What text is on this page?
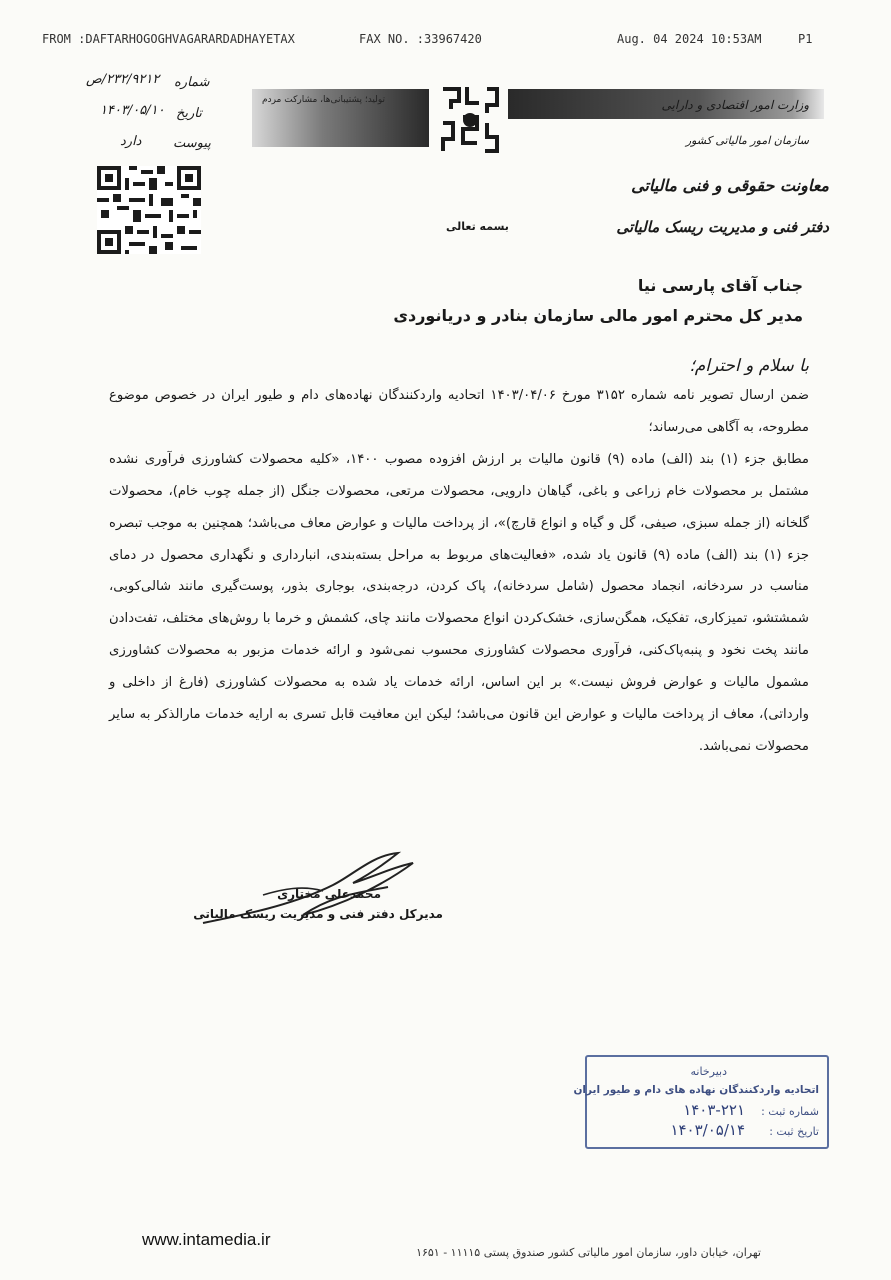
FROM :DAFTARHOGOGHVAGARARDADHAYETAX	FAX NO. :33967420	Aug. 04 2024 10:53AM	P1
تولید؛ پشتیبانی‌ها، مشارکت مردم	وزارت امور اقتصادی و دارایی
سازمان امور مالیاتی کشور
معاونت حقوقی و فنی مالیاتی
دفتر فنی و مدیریت ریسک مالیاتی
بسمه تعالی
شماره
۲۳۲/۹۲۱۲/ص
تاریخ
۱۴۰۳/۰۵/۱۰
پیوست
دارد
جناب آقای پارسی نیا
مدیر کل محترم امور مالی سازمان بنادر و دریانوردی
با سلام و احترام؛

ضمن ارسال تصویر نامه شماره ۳۱۵۲ مورخ ۱۴۰۳/۰۴/۰۶ اتحادیه واردکنندگان نهاده‌های دام و طیور ایران در خصوص موضوع مطروحه، به آگاهی می‌رساند؛

مطابق جزء (۱) بند (الف) ماده (۹) قانون مالیات بر ارزش افزوده مصوب ۱۴۰۰، «کلیه محصولات کشاورزی فرآوری نشده مشتمل بر محصولات خام زراعی و باغی، گیاهان دارویی، محصولات مرتعی، محصولات جنگل (از جمله چوب خام)، محصولات گلخانه (از جمله سبزی، صیفی، گل و گیاه و انواع قارچ)»، از پرداخت مالیات و عوارض معاف می‌باشد؛ همچنین به موجب تبصره جزء (۱) بند (الف) ماده (۹) قانون یاد شده، «فعالیت‌های مربوط به مراحل بسته‌بندی، انبارداری و نگهداری محصول در دمای مناسب در سردخانه، انجماد محصول (شامل سردخانه)، پاک کردن، درجه‌بندی، بوجاری بذور، پوست‌گیری مانند شالی‌کوبی، شمشتشو، تمیزکاری، تفکیک، همگن‌سازی، خشک‌کردن انواع محصولات مانند چای، کشمش و خرما با روش‌های مختلف، تفت‌دادن مانند پخت نخود و پنبه‌پاک‌کنی، فرآوری محصولات کشاورزی محسوب نمی‌شود و ارائه خدمات مزبور به محصولات کشاورزی مشمول مالیات و عوارض فروش نیست.» بر این اساس، ارائه خدمات یاد شده به محصولات کشاورزی (فارغ از داخلی و وارداتی)، معاف از پرداخت مالیات و عوارض این قانون می‌باشد؛ لیکن این معافیت قابل تسری به ارایه خدمات مارالذکر به سایر محصولات نمی‌باشد.

محمدعلی مختاری
مدیرکل دفتر فنی و مدیریت ریسک مالیاتی
دبیرخانه
اتحادیه واردکنندگان نهاده های دام و طیور ایران
شماره ثبت :
۱۴۰۳-۲۲۱
تاریخ ثبت :
۱۴۰۳/۰۵/۱۴
www.intamedia.ir
تهران، خیابان داور، سازمان امور مالیاتی کشور صندوق پستی ۱۱۱۱۵ - ۱۶۵۱
